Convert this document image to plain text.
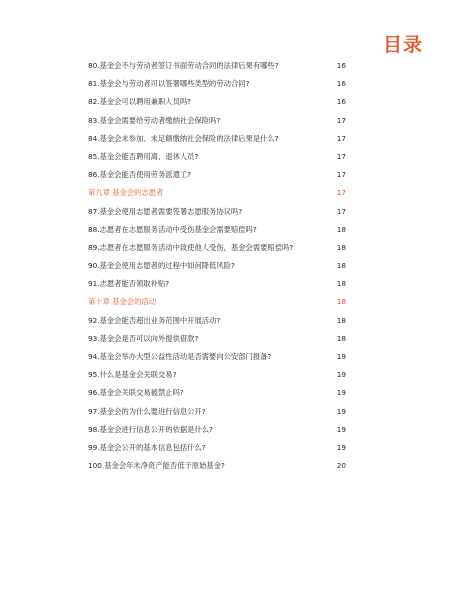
目录
80.基金会不与劳动者签订书面劳动合同的法律后果有哪些?	16
81.基金会与劳动者可以签署哪些类型的劳动合同?	16
82.基金会可以聘用兼职人员吗?	16
83.基金会需要给劳动者缴纳社会保险吗?	17
84.基金会未参加、未足额缴纳社会保险的法律后果是什么?	17
85.基金会能否聘用离、退休人员?	17
86.基金会能否使用劳务派遣工?	17
第九章 基金会的志愿者	17
87.基金会使用志愿者需要签署志愿服务协议吗?	17
88.志愿者在志愿服务活动中受伤基金会需要赔偿吗?	18
89.志愿者在志愿服务活动中致使他人受伤，基金会需要赔偿吗?	18
90.基金会使用志愿者的过程中如何降低风险?	18
91.志愿者能否领取补贴?	18
第十章 基金会的活动	18
92.基金会能否超出业务范围中开展活动?	18
93.基金会是否可以向外提供借款?	18
94.基金会举办大型公益性活动是否需要向公安部门报备?	19
95.什么是基金会关联交易?	19
96.基金会关联交易被禁止吗?	19
97.基金会的为什么要进行信息公开?	19
98.基金会进行信息公开的依据是什么?	19
99.基金会公开的基本信息包括什么?	19
100.基金会年末净资产能否低于原始基金?	20
